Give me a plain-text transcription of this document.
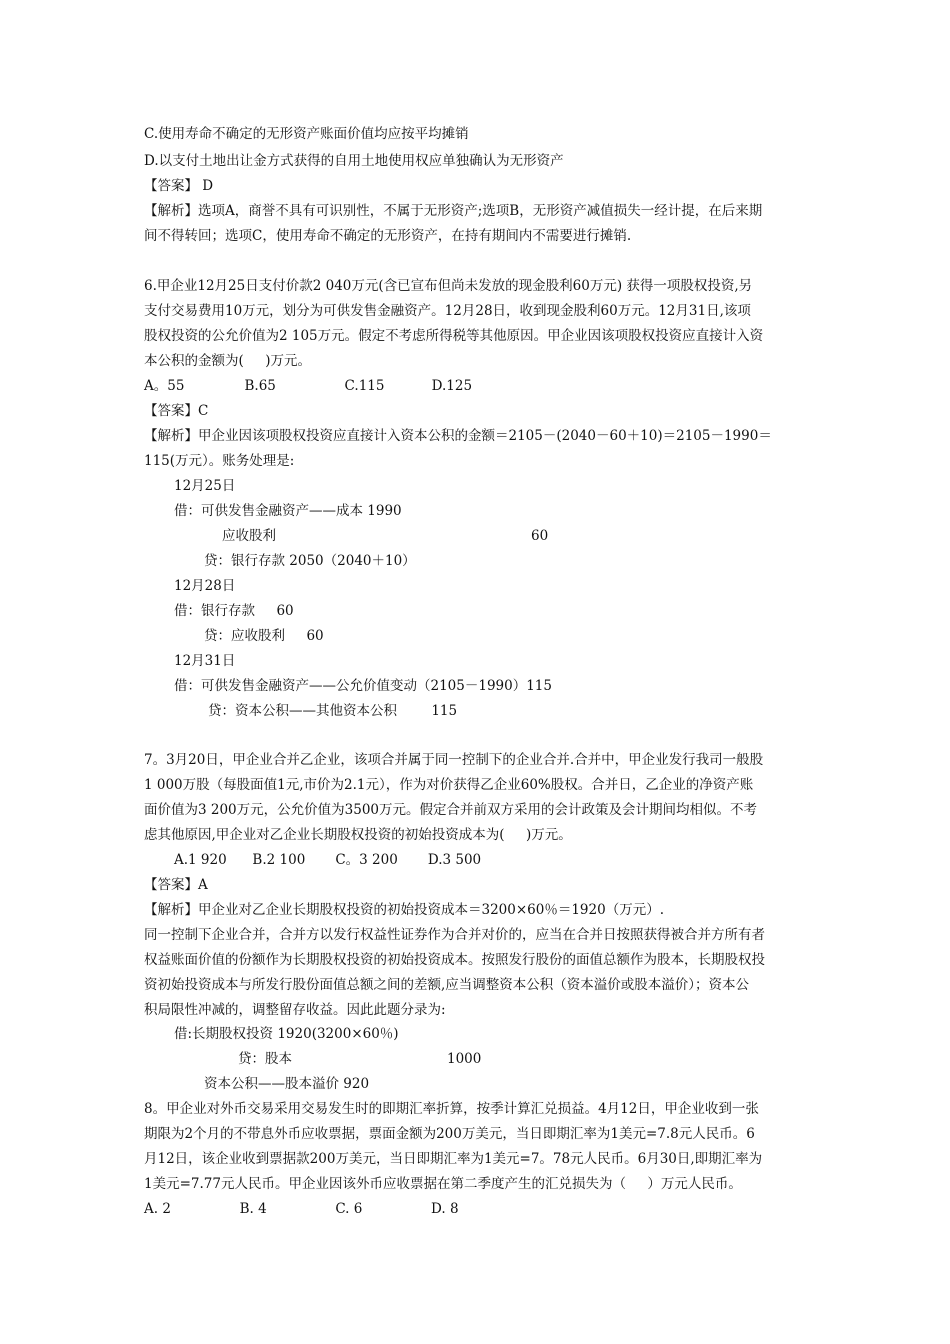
C.使用寿命不确定的无形资产账面价值均应按平均摊销
D.以支付土地出让金方式获得的自用土地使用权应单独确认为无形资产
【答案】 D
【解析】选项A，商誉不具有可识别性，不属于无形资产;选项B，无形资产减值损失一经计提，在后来期
间不得转回；选项C，使用寿命不确定的无形资产，在持有期间内不需要进行摊销.
6.甲企业12月25日支付价款2 040万元(含已宣布但尚未发放的现金股利60万元) 获得一项股权投资,另
支付交易费用10万元，划分为可供发售金融资产。12月28日，收到现金股利60万元。12月31日,该项
股权投资的公允价值为2 105万元。假定不考虑所得税等其他原因。甲企业因该项股权投资应直接计入资
本公积的金额为(     )万元。
A。55              B.65                C.115           D.125
【答案】C
【解析】甲企业因该项股权投资应直接计入资本公积的金额＝2105－(2040－60＋10)＝2105－1990＝
115(万元）。账务处理是:
12月25日
借：可供发售金融资产——成本 1990
应收股利	60
贷：银行存款 2050（2040＋10）
12月28日
借：银行存款     60
贷：应收股利     60
12月31日
借：可供发售金融资产——公允价值变动（2105－1990）115
贷：资本公积——其他资本公积        115
7。3月20日，甲企业合并乙企业，该项合并属于同一控制下的企业合并.合并中，甲企业发行我司一般股
1 000万股（每股面值1元,市价为2.1元），作为对价获得乙企业60%股权。合并日，乙企业的净资产账
面价值为3 200万元，公允价值为3500万元。假定合并前双方采用的会计政策及会计期间均相似。不考
虑其他原因,甲企业对乙企业长期股权投资的初始投资成本为(     )万元。
A.1 920      B.2 100       C。3 200       D.3 500
【答案】A
【解析】甲企业对乙企业长期股权投资的初始投资成本＝3200×60％＝1920（万元）.
同一控制下企业合并，合并方以发行权益性证券作为合并对价的，应当在合并日按照获得被合并方所有者
权益账面价值的份额作为长期股权投资的初始投资成本。按照发行股份的面值总额作为股本，长期股权投
资初始投资成本与所发行股份面值总额之间的差额,应当调整资本公积（资本溢价或股本溢价）；资本公
积局限性冲减的，调整留存收益。因此此题分录为:
借:长期股权投资 1920(3200×60％)
贷：股本	1000
资本公积——股本溢价 920
8。甲企业对外币交易采用交易发生时的即期汇率折算，按季计算汇兑损益。4月12日，甲企业收到一张
期限为2个月的不带息外币应收票据，票面金额为200万美元，当日即期汇率为1美元=7.8元人民币。6
月12日，该企业收到票据款200万美元，当日即期汇率为1美元=7。78元人民币。6月30日,即期汇率为
1美元=7.77元人民币。甲企业因该外币应收票据在第二季度产生的汇兑损失为（     ）万元人民币。
A. 2                B. 4                C. 6                D. 8
